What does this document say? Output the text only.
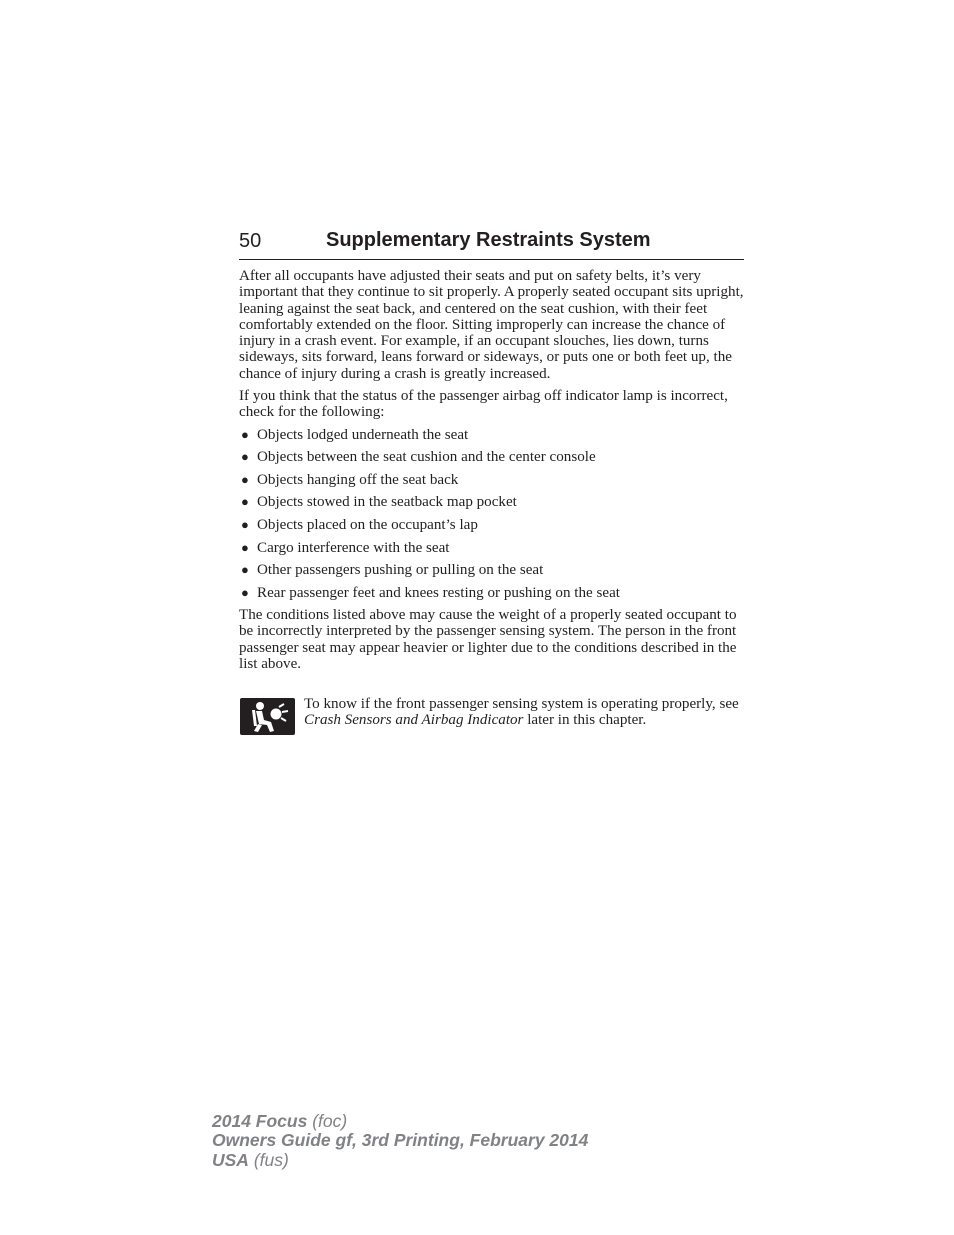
50	Supplementary Restraints System

After all occupants have adjusted their seats and put on safety belts, it’s very important that they continue to sit properly. A properly seated occupant sits upright, leaning against the seat back, and centered on the seat cushion, with their feet comfortably extended on the floor. Sitting improperly can increase the chance of injury in a crash event. For example, if an occupant slouches, lies down, turns sideways, sits forward, leans forward or sideways, or puts one or both feet up, the chance of injury during a crash is greatly increased.

If you think that the status of the passenger airbag off indicator lamp is incorrect, check for the following:

● Objects lodged underneath the seat
● Objects between the seat cushion and the center console
● Objects hanging off the seat back
● Objects stowed in the seatback map pocket
● Objects placed on the occupant’s lap
● Cargo interference with the seat
● Other passengers pushing or pulling on the seat
● Rear passenger feet and knees resting or pushing on the seat

The conditions listed above may cause the weight of a properly seated occupant to be incorrectly interpreted by the passenger sensing system. The person in the front passenger seat may appear heavier or lighter due to the conditions described in the list above.

To know if the front passenger sensing system is operating properly, see Crash Sensors and Airbag Indicator later in this chapter.
2014 Focus (foc)
Owners Guide gf, 3rd Printing, February 2014
USA (fus)
